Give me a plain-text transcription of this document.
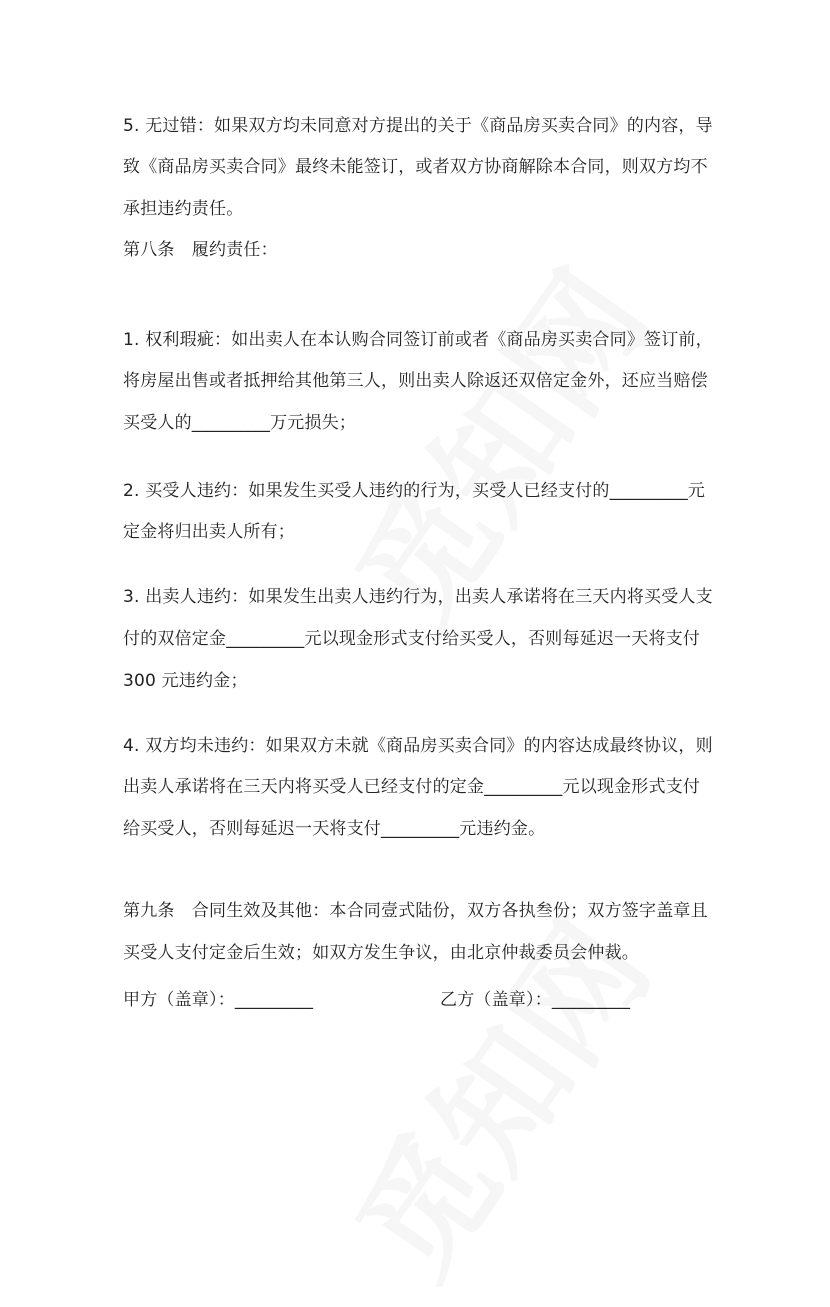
5. 无过错：如果双方均未同意对方提出的关于《商品房买卖合同》的内容，导
致《商品房买卖合同》最终未能签订，或者双方协商解除本合同，则双方均不
承担违约责任。
第八条　履约责任：
1. 权利瑕疵：如出卖人在本认购合同签订前或者《商品房买卖合同》签订前，
将房屋出售或者抵押给其他第三人，则出卖人除返还双倍定金外，还应当赔偿
买受人的_________万元损失；
2. 买受人违约：如果发生买受人违约的行为，买受人已经支付的_________元
定金将归出卖人所有；
3. 出卖人违约：如果发生出卖人违约行为，出卖人承诺将在三天内将买受人支
付的双倍定金_________元以现金形式支付给买受人，否则每延迟一天将支付
300 元违约金；
4. 双方均未违约：如果双方未就《商品房买卖合同》的内容达成最终协议，则
出卖人承诺将在三天内将买受人已经支付的定金_________元以现金形式支付
给买受人，否则每延迟一天将支付_________元违约金。
第九条　合同生效及其他：本合同壹式陆份，双方各执叁份；双方签字盖章且
买受人支付定金后生效；如双方发生争议，由北京仲裁委员会仲裁。
甲方（盖章）：_________	乙方（盖章）：_________
